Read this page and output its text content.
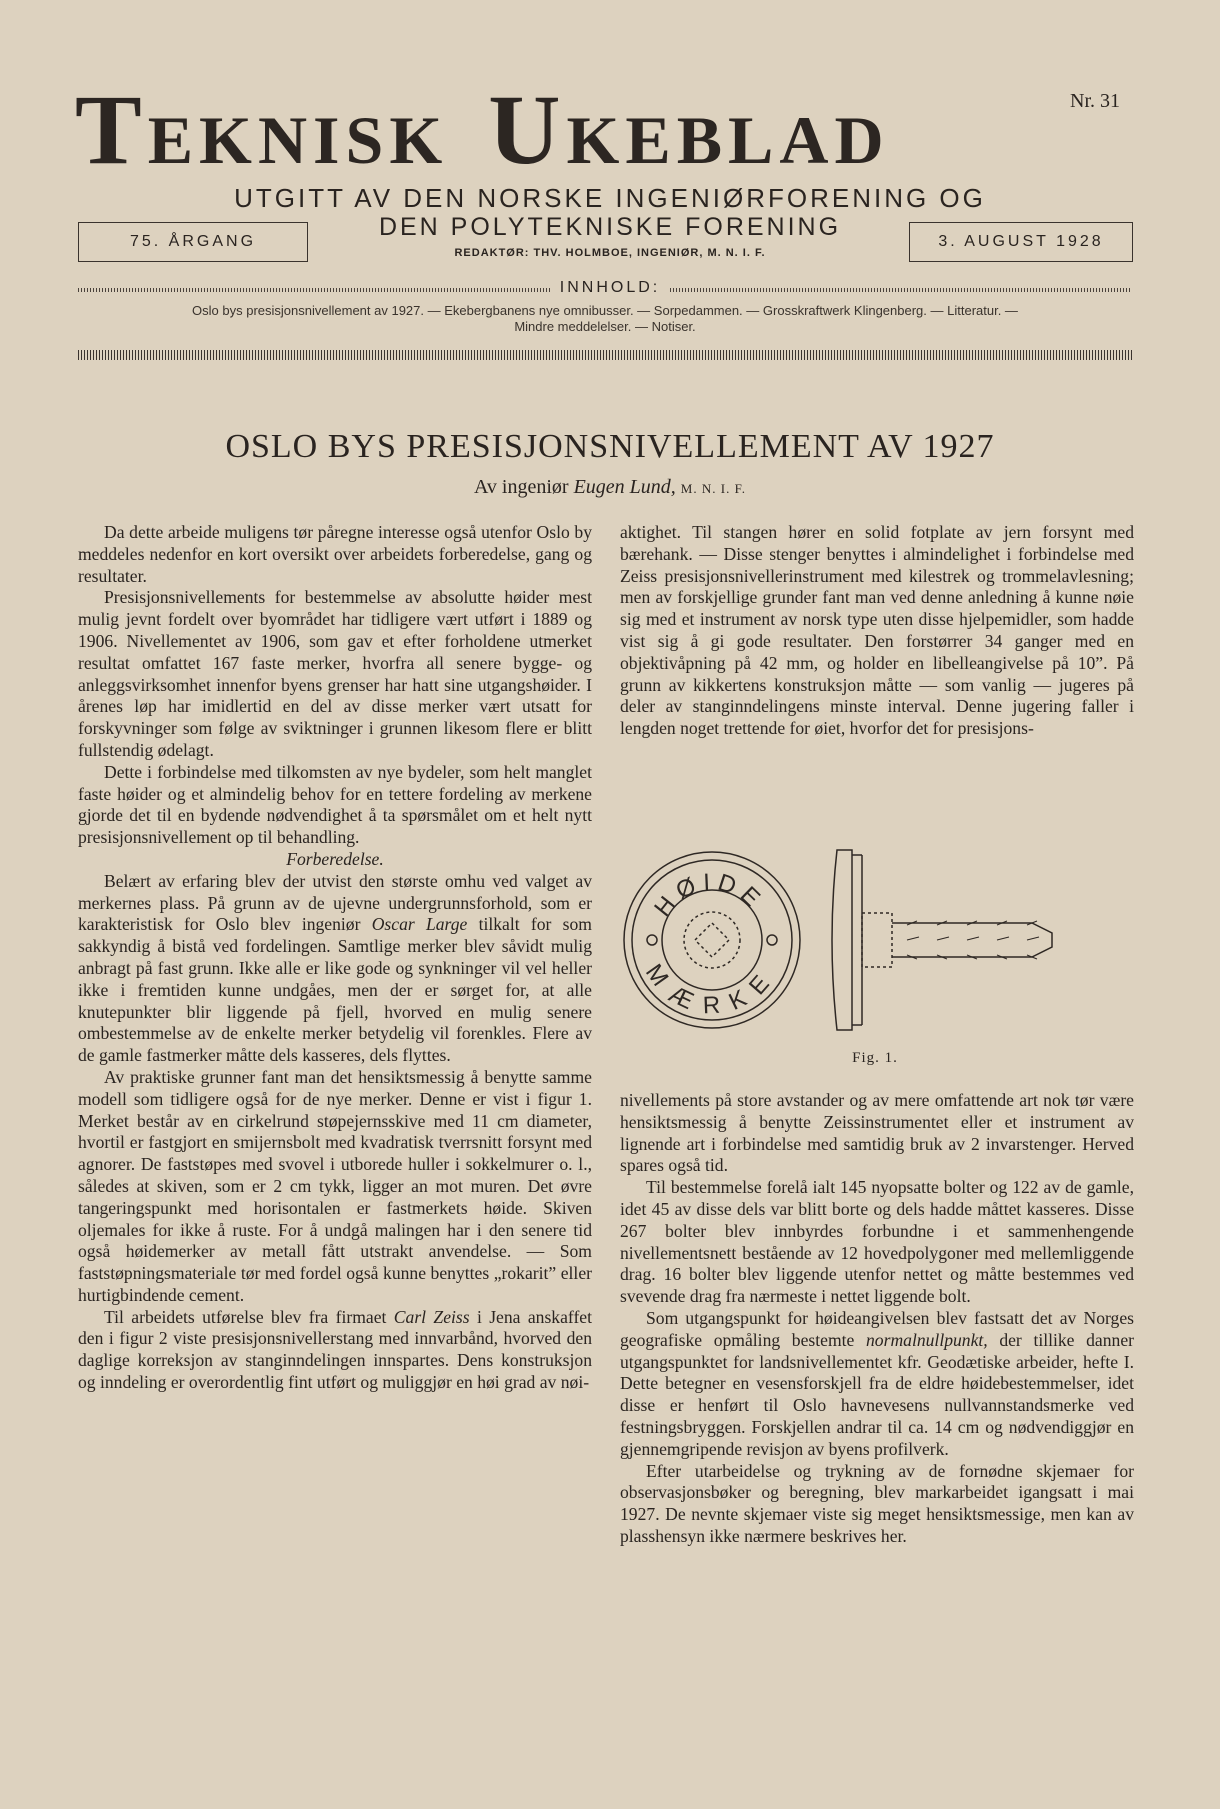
Nr. 31
TEKNISK UKEBLAD
UTGITT AV DEN NORSKE INGENIØRFORENING OG
DEN POLYTEKNISKE FORENING
REDAKTØR: THV. HOLMBOE, INGENIØR, M. N. I. F.
75. ÅRGANG	3. AUGUST 1928
INNHOLD:
Oslo bys presisjonsnivellement av 1927. — Ekebergbanens nye omnibusser. — Sorpedammen. — Grosskraftwerk Klingenberg. — Litteratur. —
Mindre meddelelser. — Notiser.
OSLO BYS PRESISJONSNIVELLEMENT AV 1927
Av ingeniør Eugen Lund, M. N. I. F.

Da dette arbeide muligens tør påregne interesse også utenfor Oslo by meddeles nedenfor en kort oversikt over arbeidets forberedelse, gang og resultater.

Presisjonsnivellements for bestemmelse av absolutte høider mest mulig jevnt fordelt over byområdet har tidligere vært utført i 1889 og 1906. Nivellementet av 1906, som gav et efter forholdene utmerket resultat omfattet 167 faste merker, hvorfra all senere bygge- og anleggsvirksomhet innenfor byens grenser har hatt sine utgangshøider. I årenes løp har imidlertid en del av disse merker vært utsatt for forskyvninger som følge av sviktninger i grunnen likesom flere er blitt fullstendig ødelagt.

Dette i forbindelse med tilkomsten av nye bydeler, som helt manglet faste høider og et almindelig behov for en tettere fordeling av merkene gjorde det til en bydende nødvendighet å ta spørsmålet om et helt nytt presisjonsnivellement op til behandling.

Forberedelse.

Belært av erfaring blev der utvist den største omhu ved valget av merkernes plass. På grunn av de ujevne undergrunnsforhold, som er karakteristisk for Oslo blev ingeniør Oscar Large tilkalt for som sakkyndig å bistå ved fordelingen. Samtlige merker blev såvidt mulig anbragt på fast grunn. Ikke alle er like gode og synkninger vil vel heller ikke i fremtiden kunne undgåes, men der er sørget for, at alle knutepunkter blir liggende på fjell, hvorved en mulig senere ombestemmelse av de enkelte merker betydelig vil forenkles. Flere av de gamle fastmerker måtte dels kasseres, dels flyttes.

Av praktiske grunner fant man det hensiktsmessig å benytte samme modell som tidligere også for de nye merker. Denne er vist i figur 1. Merket består av en cirkelrund støpejernsskive med 11 cm diameter, hvortil er fastgjort en smijernsbolt med kvadratisk tverrsnitt forsynt med agnorer. De faststøpes med svovel i utborede huller i sokkelmurer o. l., således at skiven, som er 2 cm tykk, ligger an mot muren. Det øvre tangeringspunkt med horisontalen er fastmerkets høide. Skiven oljemales for ikke å ruste. For å undgå malingen har i den senere tid også høidemerker av metall fått utstrakt anvendelse. — Som faststøpningsmateriale tør med fordel også kunne benyttes „rokarit” eller hurtigbindende cement.

Til arbeidets utførelse blev fra firmaet Carl Zeiss i Jena anskaffet den i figur 2 viste presisjonsnivellerstang med innvarbånd, hvorved den daglige korreksjon av stanginndelingen innspartes. Dens konstruksjon og inndeling er overordentlig fint utført og muliggjør en høi grad av nøi-

aktighet. Til stangen hører en solid fotplate av jern forsynt med bærehank. — Disse stenger benyttes i almindelighet i forbindelse med Zeiss presisjonsnivellerinstrument med kilestrek og trommelavlesning; men av forskjellige grunder fant man ved denne anledning å kunne nøie sig med et instrument av norsk type uten disse hjelpemidler, som hadde vist sig å gi gode resultater. Den forstørrer 34 ganger med en objektivåpning på 42 mm, og holder en libelleangivelse på 10”. På grunn av kikkertens konstruksjon måtte — som vanlig — jugeres på deler av stanginndelingens minste interval. Denne jugering faller i lengden noget trettende for øiet, hvorfor det for presisjons-

HØIDE
MÆRKE
Fig. 1.

nivellements på store avstander og av mere omfattende art nok tør være hensiktsmessig å benytte Zeissinstrumentet eller et instrument av lignende art i forbindelse med samtidig bruk av 2 invarstenger. Herved spares også tid.

Til bestemmelse forelå ialt 145 nyopsatte bolter og 122 av de gamle, idet 45 av disse dels var blitt borte og dels hadde måttet kasseres. Disse 267 bolter blev innbyrdes forbundne i et sammenhengende nivellementsnett bestående av 12 hovedpolygoner med mellemliggende drag. 16 bolter blev liggende utenfor nettet og måtte bestemmes ved svevende drag fra nærmeste i nettet liggende bolt.

Som utgangspunkt for høideangivelsen blev fastsatt det av Norges geografiske opmåling bestemte normalnullpunkt, der tillike danner utgangspunktet for landsnivellementet kfr. Geodætiske arbeider, hefte I. Dette betegner en vesensforskjell fra de eldre høidebestemmelser, idet disse er henført til Oslo havnevesens nullvannstandsmerke ved festningsbryggen. Forskjellen andrar til ca. 14 cm og nødvendiggjør en gjennemgripende revisjon av byens profilverk.

Efter utarbeidelse og trykning av de fornødne skjemaer for observasjonsbøker og beregning, blev markarbeidet igangsatt i mai 1927. De nevnte skjemaer viste sig meget hensiktsmessige, men kan av plasshensyn ikke nærmere beskrives her.
